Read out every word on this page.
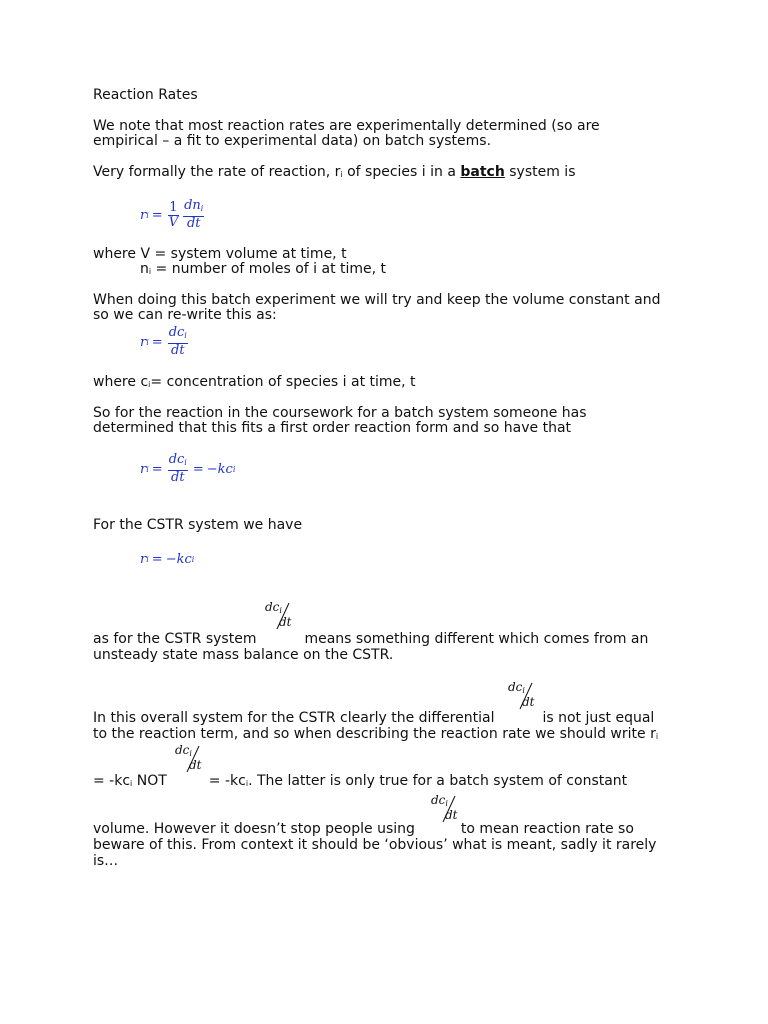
Reaction Rates
We note that most reaction rates are experimentally determined (so are
empirical – a fit to experimental data) on batch systems.
Very formally the rate of reaction, $r_i$ of species i in a batch system is
r $i = \frac{1}{V} \frac{\text{dni}}{dt}$
where V = system volume at time, t
$n_i$ = number of moles of i at time, t
When doing this batch experiment we will try and keep the volume constant and
so we can re-write this as:
r $i = \frac{\text{dci}}{dt}$
where $c_i=$ concentration of species i at time, t
So for the reaction in the coursework for a batch system someone has
determined that this fits a first order reaction form and so have that
r $i = \frac{\text{dci}}{dt} = -kc$ i
For the CSTR system we have
r i = −kc i
dci
dt
as for the CSTR system	means something different which comes from an
unsteady state mass balance on the CSTR.
dci
dt
In this overall system for the CSTR clearly the differential	is not just equal
to the reaction term, and so when describing the reaction rate we should write $r_i$
dci
dt
= $-kc_i$ NOT	= $-kc_i$. The latter is only true for a batch system of constant
dci
dt
volume. However it doesn’t stop people using	to mean reaction rate so
beware of this. From context it should be ‘obvious’ what is meant, sadly it rarely
is…
